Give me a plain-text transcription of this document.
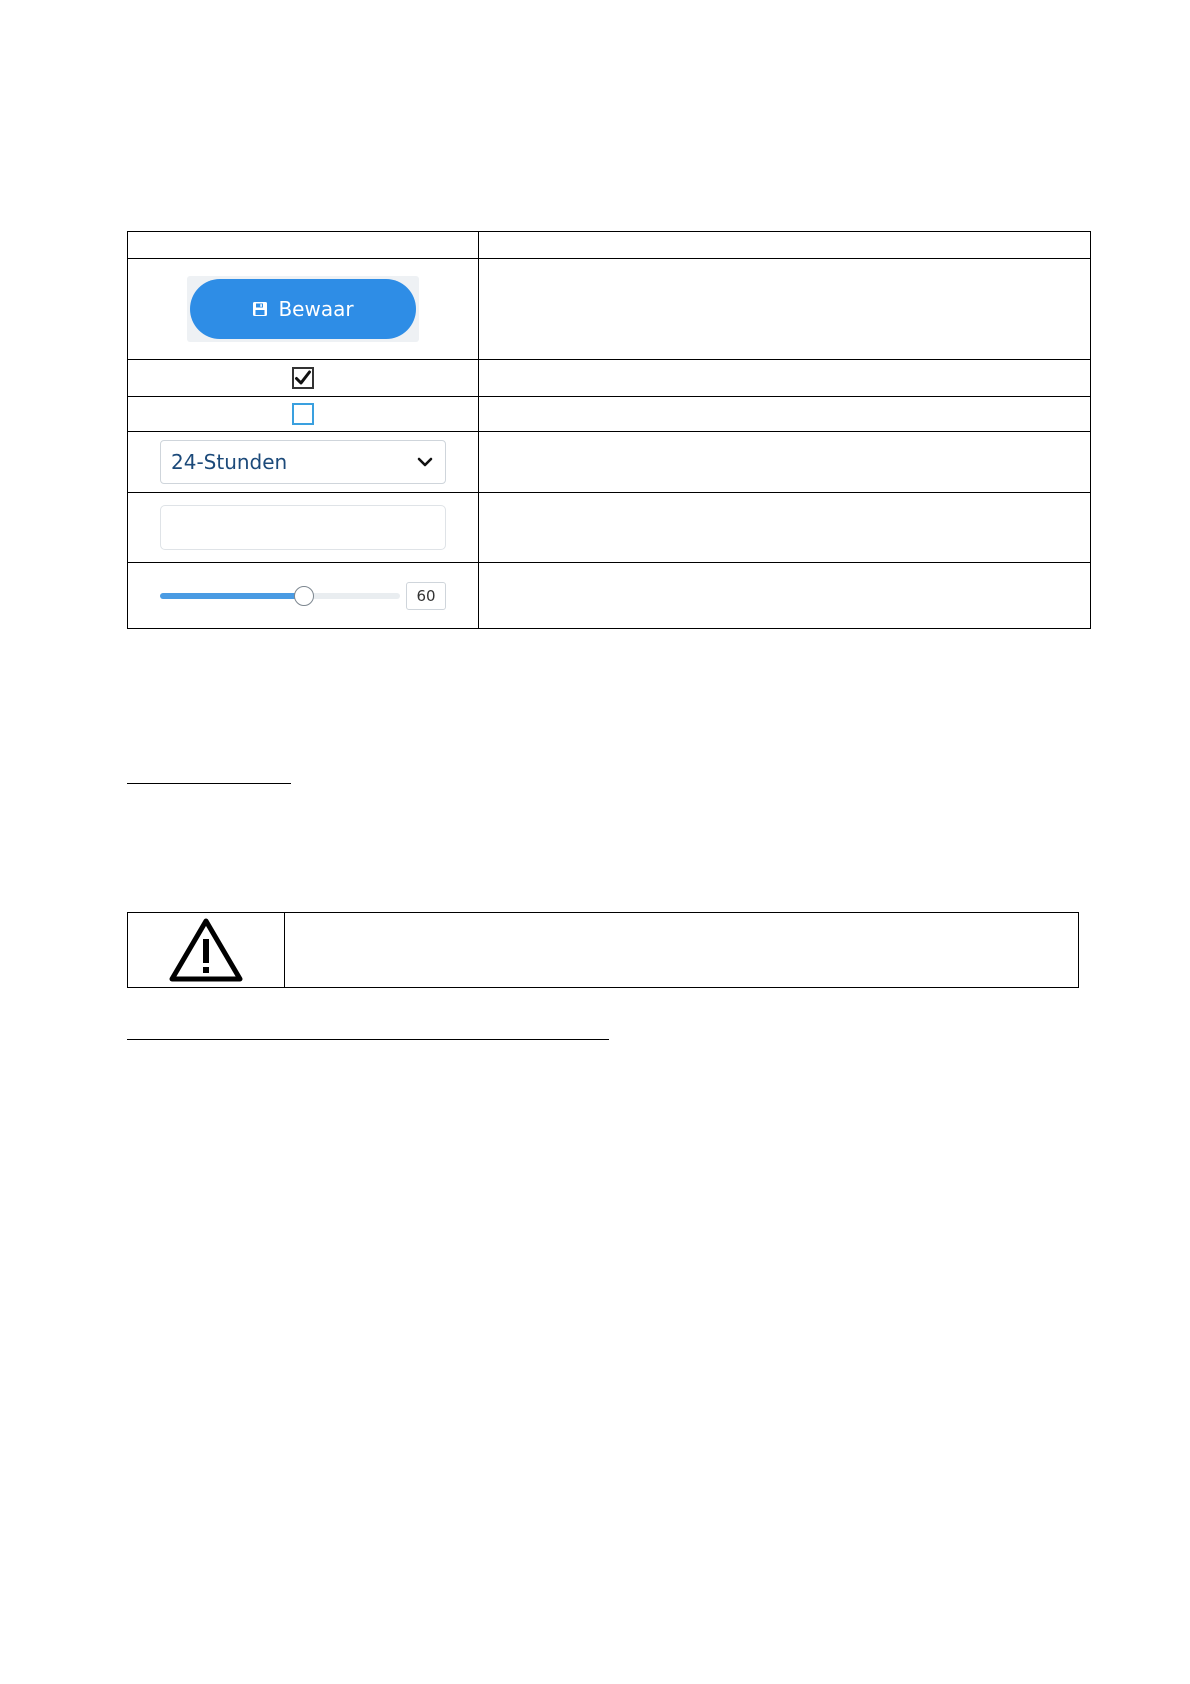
Bewaar	

24-Stunden	

60	
